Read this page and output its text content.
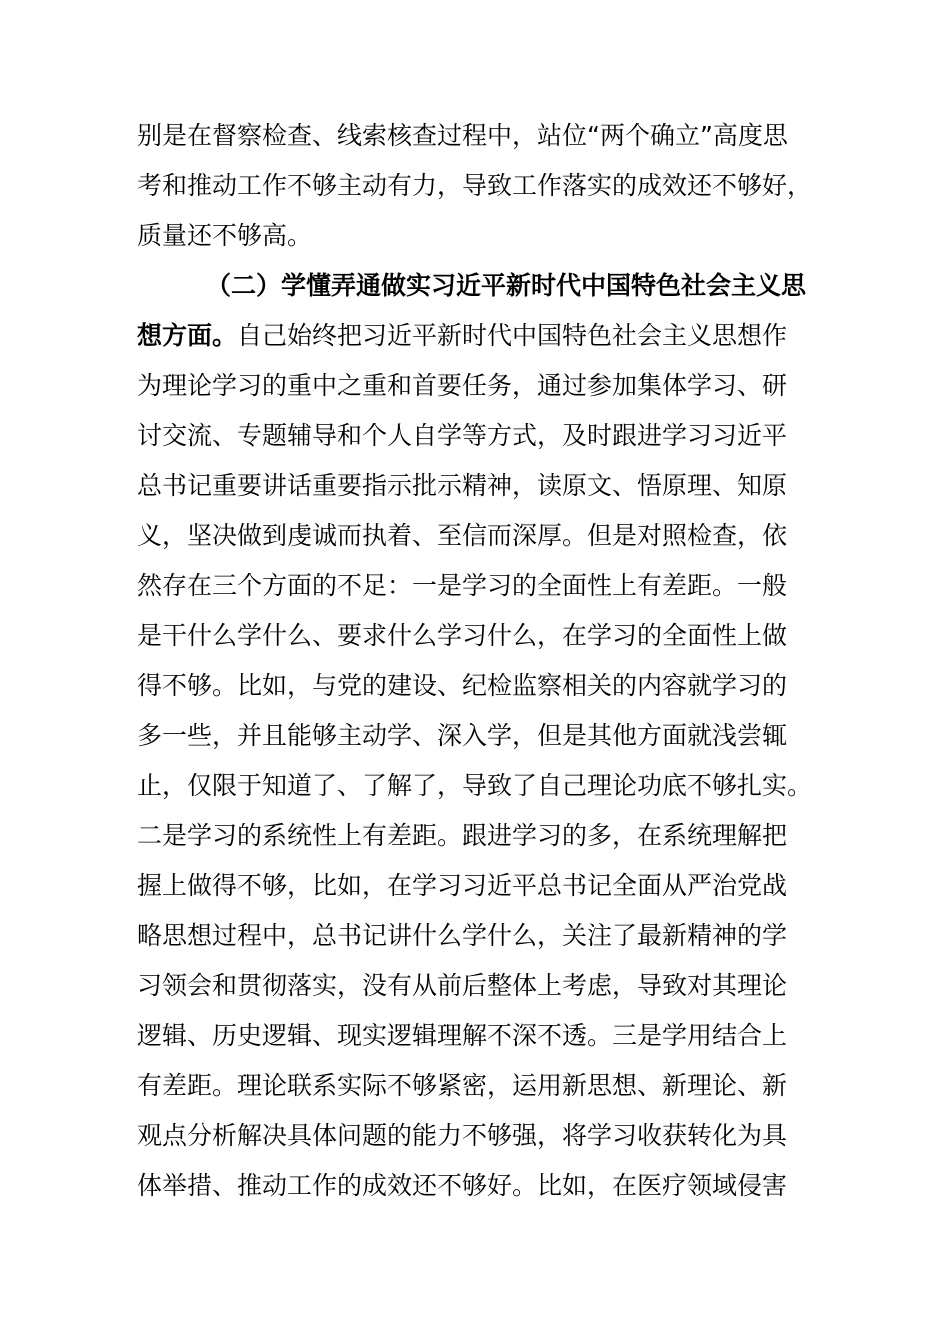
别是在督察检查、线索核查过程中，站位“两个确立”高度思
考和推动工作不够主动有力，导致工作落实的成效还不够好，
质量还不够高。
（二）学懂弄通做实习近平新时代中国特色社会主义思
想方面。自己始终把习近平新时代中国特色社会主义思想作
为理论学习的重中之重和首要任务，通过参加集体学习、研
讨交流、专题辅导和个人自学等方式，及时跟进学习习近平
总书记重要讲话重要指示批示精神，读原文、悟原理、知原
义，坚决做到虔诚而执着、至信而深厚。但是对照检查，依
然存在三个方面的不足：一是学习的全面性上有差距。一般
是干什么学什么、要求什么学习什么，在学习的全面性上做
得不够。比如，与党的建设、纪检监察相关的内容就学习的
多一些，并且能够主动学、深入学，但是其他方面就浅尝辄
止，仅限于知道了、了解了，导致了自己理论功底不够扎实。
二是学习的系统性上有差距。跟进学习的多，在系统理解把
握上做得不够，比如，在学习习近平总书记全面从严治党战
略思想过程中，总书记讲什么学什么，关注了最新精神的学
习领会和贯彻落实，没有从前后整体上考虑，导致对其理论
逻辑、历史逻辑、现实逻辑理解不深不透。三是学用结合上
有差距。理论联系实际不够紧密，运用新思想、新理论、新
观点分析解决具体问题的能力不够强，将学习收获转化为具
体举措、推动工作的成效还不够好。比如，在医疗领域侵害
